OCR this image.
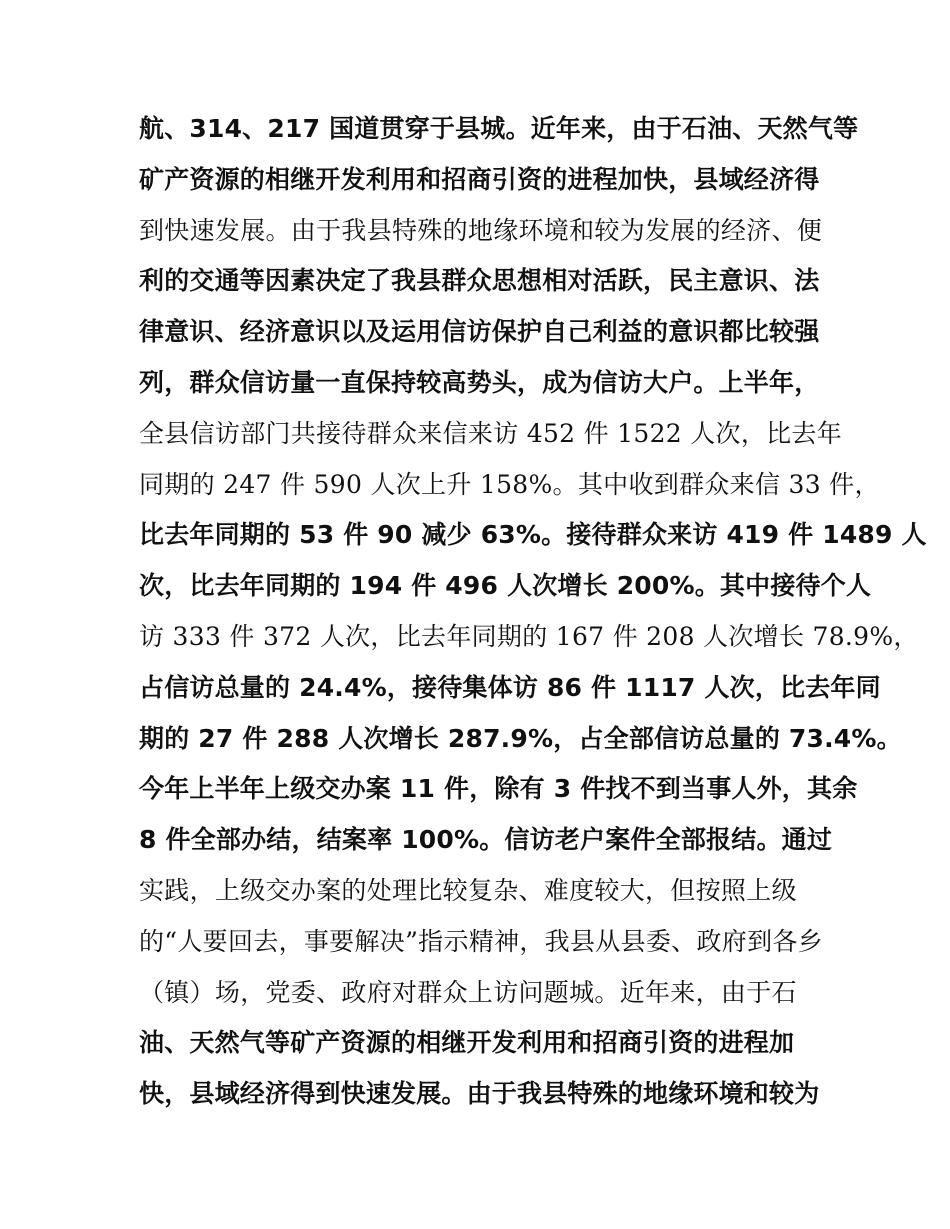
航、314、217 国道贯穿于县城。近年来，由于石油、天然气等
矿产资源的相继开发利用和招商引资的进程加快，县域经济得
到快速发展。由于我县特殊的地缘环境和较为发展的经济、便
利的交通等因素决定了我县群众思想相对活跃，民主意识、法
律意识、经济意识以及运用信访保护自己利益的意识都比较强
列，群众信访量一直保持较高势头，成为信访大户。上半年，
全县信访部门共接待群众来信来访 452 件 1522 人次，比去年
同期的 247 件 590 人次上升 158%。其中收到群众来信 33 件，
比去年同期的 53 件 90 减少 63%。接待群众来访 419 件 1489 人
次，比去年同期的 194 件 496 人次增长 200%。其中接待个人
访 333 件 372 人次，比去年同期的 167 件 208 人次增长 78.9%，
占信访总量的 24.4%，接待集体访 86 件 1117 人次，比去年同
期的 27 件 288 人次增长 287.9%，占全部信访总量的 73.4%。
今年上半年上级交办案 11 件，除有 3 件找不到当事人外，其余
8 件全部办结，结案率 100%。信访老户案件全部报结。通过
实践，上级交办案的处理比较复杂、难度较大，但按照上级
的“人要回去，事要解决”指示精神，我县从县委、政府到各乡
（镇）场，党委、政府对群众上访问题城。近年来，由于石
油、天然气等矿产资源的相继开发利用和招商引资的进程加
快，县域经济得到快速发展。由于我县特殊的地缘环境和较为
